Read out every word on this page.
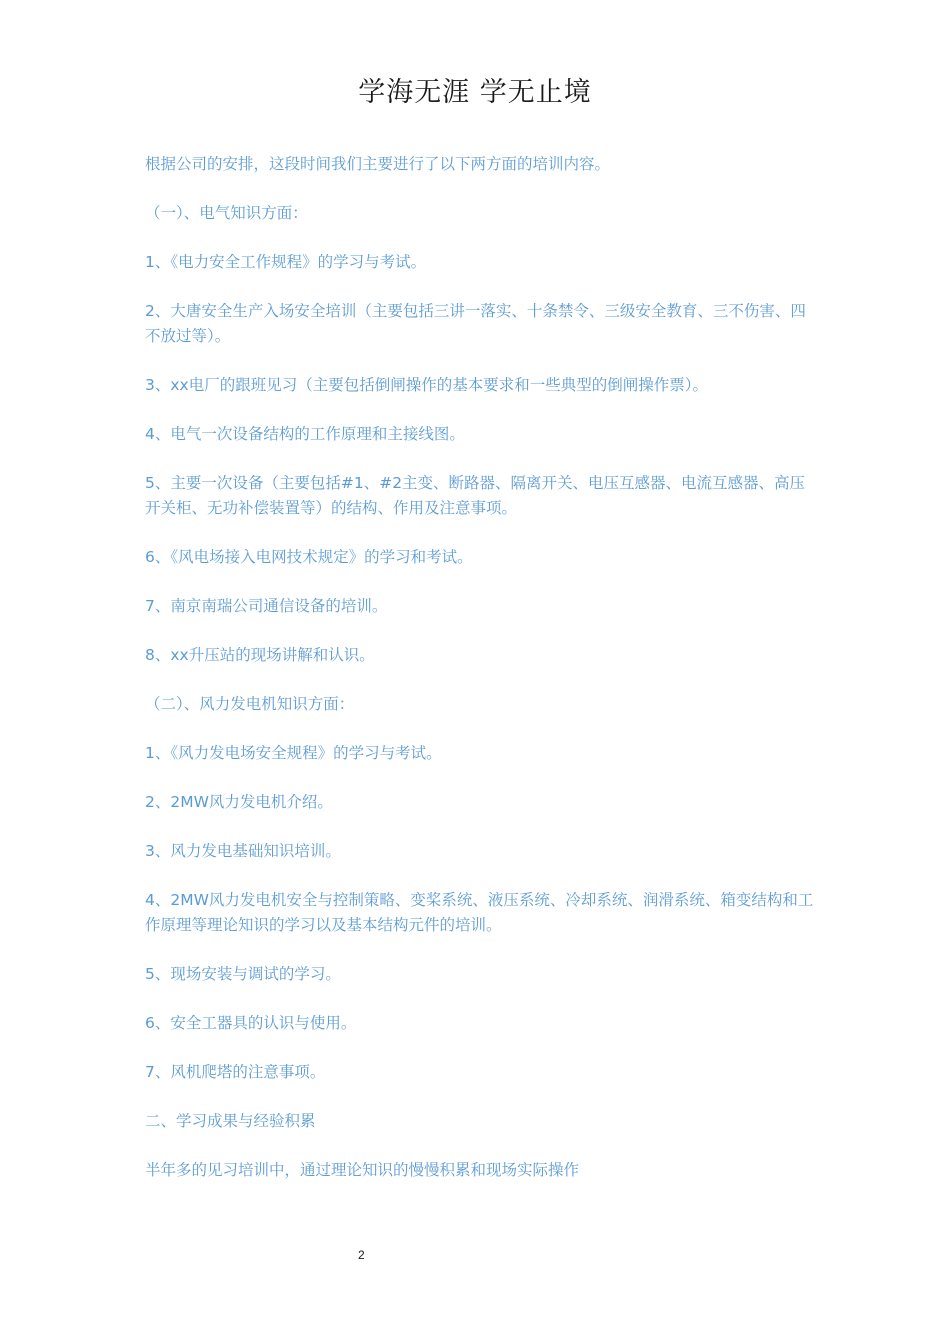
学海无涯 学无止境

根据公司的安排，这段时间我们主要进行了以下两方面的培训内容。

（一）、电气知识方面：

1、《电力安全工作规程》的学习与考试。

2、大唐安全生产入场安全培训（主要包括三讲一落实、十条禁令、三级安全教育、三不伤害、四不放过等）。

3、xx电厂的跟班见习（主要包括倒闸操作的基本要求和一些典型的倒闸操作票）。

4、电气一次设备结构的工作原理和主接线图。

5、主要一次设备（主要包括#1、#2主变、断路器、隔离开关、电压互感器、电流互感器、高压开关柜、无功补偿装置等）的结构、作用及注意事项。

6、《风电场接入电网技术规定》的学习和考试。

7、南京南瑞公司通信设备的培训。

8、xx升压站的现场讲解和认识。

（二）、风力发电机知识方面：

1、《风力发电场安全规程》的学习与考试。

2、2MW风力发电机介绍。

3、风力发电基础知识培训。

4、2MW风力发电机安全与控制策略、变桨系统、液压系统、冷却系统、润滑系统、箱变结构和工作原理等理论知识的学习以及基本结构元件的培训。

5、现场安装与调试的学习。

6、安全工器具的认识与使用。

7、风机爬塔的注意事项。

二、学习成果与经验积累

半年多的见习培训中，通过理论知识的慢慢积累和现场实际操作

2
